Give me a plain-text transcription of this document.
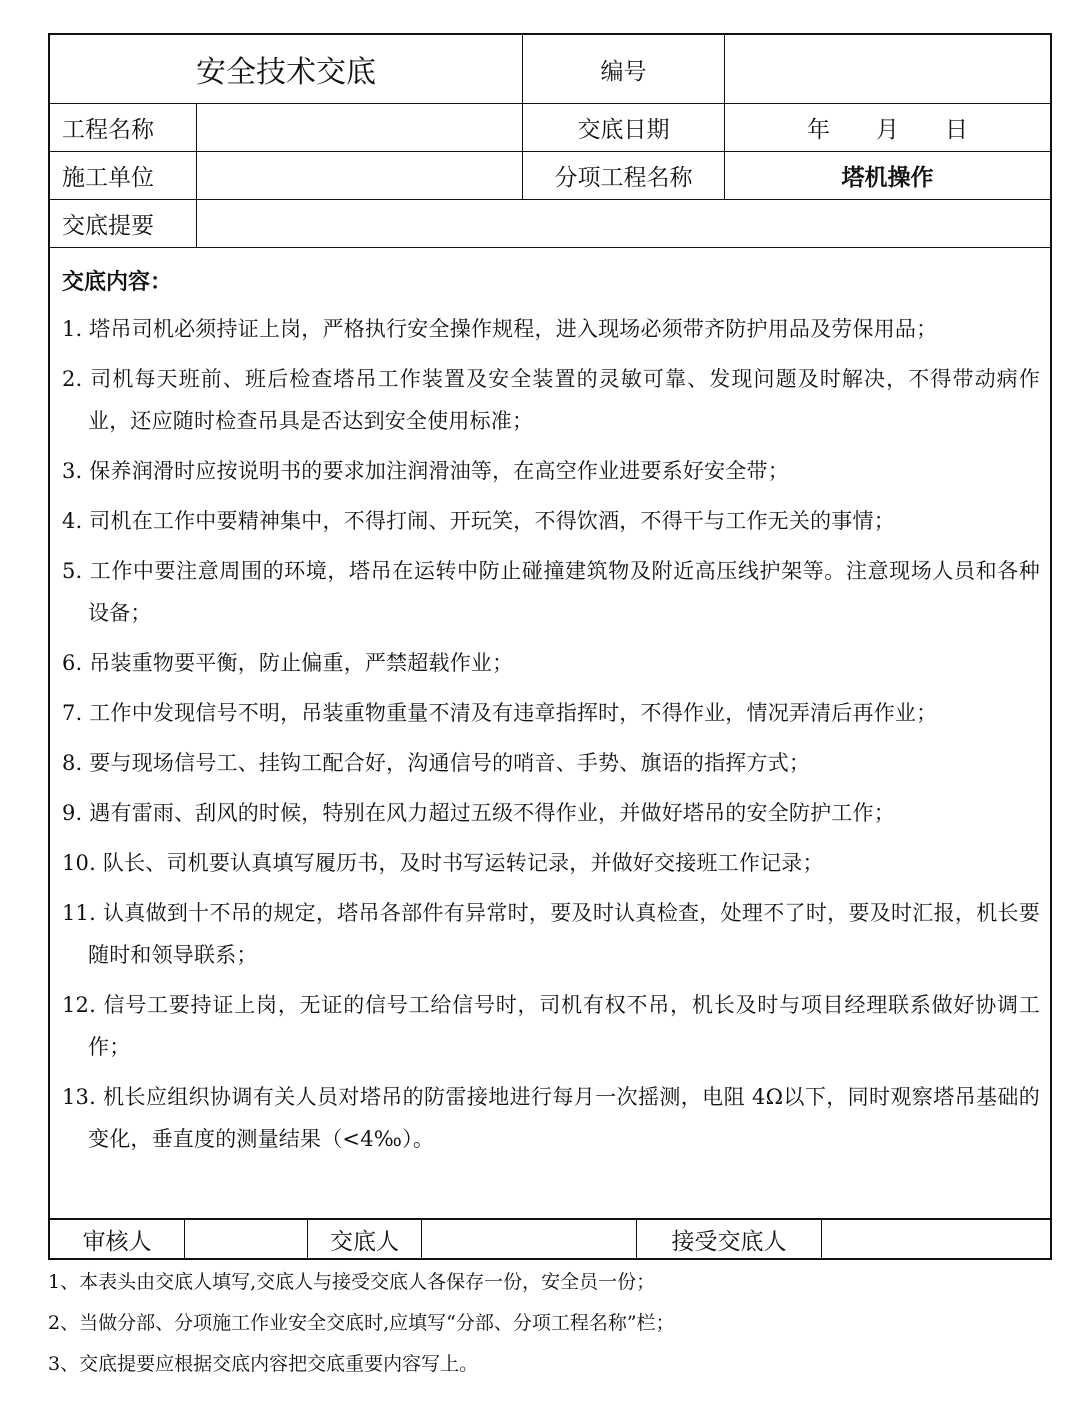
安全技术交底	编号
工程名称	交底日期	年　　月　　日
施工单位	分项工程名称	塔机操作
交底提要
交底内容：
1. 塔吊司机必须持证上岗，严格执行安全操作规程，进入现场必须带齐防护用品及劳保用品；
2. 司机每天班前、班后检查塔吊工作装置及安全装置的灵敏可靠、发现问题及时解决，不得带动病作业，还应随时检查吊具是否达到安全使用标准；
3. 保养润滑时应按说明书的要求加注润滑油等，在高空作业进要系好安全带；
4. 司机在工作中要精神集中，不得打闹、开玩笑，不得饮酒，不得干与工作无关的事情；
5. 工作中要注意周围的环境，塔吊在运转中防止碰撞建筑物及附近高压线护架等。注意现场人员和各种设备；
6. 吊装重物要平衡，防止偏重，严禁超载作业；
7. 工作中发现信号不明，吊装重物重量不清及有违章指挥时，不得作业，情况弄清后再作业；
8. 要与现场信号工、挂钩工配合好，沟通信号的哨音、手势、旗语的指挥方式；
9. 遇有雷雨、刮风的时候，特别在风力超过五级不得作业，并做好塔吊的安全防护工作；
10. 队长、司机要认真填写履历书，及时书写运转记录，并做好交接班工作记录；
11. 认真做到十不吊的规定，塔吊各部件有异常时，要及时认真检查，处理不了时，要及时汇报，机长要随时和领导联系；
12. 信号工要持证上岗，无证的信号工给信号时，司机有权不吊，机长及时与项目经理联系做好协调工作；
13. 机长应组织协调有关人员对塔吊的防雷接地进行每月一次摇测，电阻 4Ω以下，同时观察塔吊基础的变化，垂直度的测量结果（<4‰）。
审核人	交底人	接受交底人
1、本表头由交底人填写,交底人与接受交底人各保存一份，安全员一份；
2、当做分部、分项施工作业安全交底时,应填写“分部、分项工程名称”栏；
3、交底提要应根据交底内容把交底重要内容写上。
